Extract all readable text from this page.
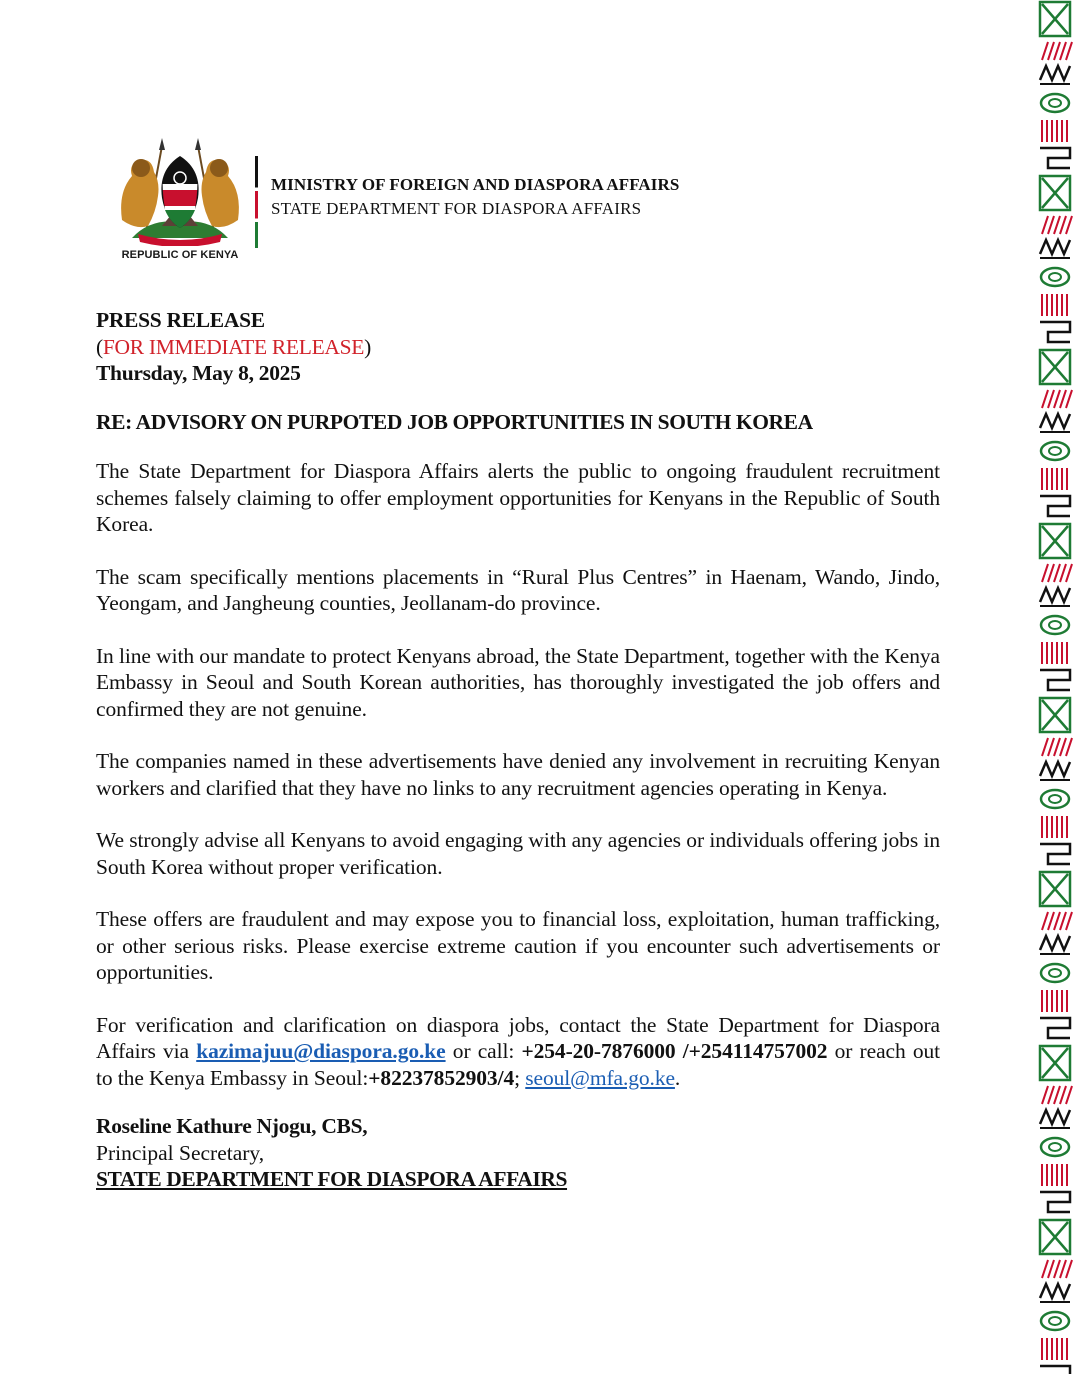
REPUBLIC OF KENYA
MINISTRY OF FOREIGN AND DIASPORA AFFAIRS
STATE DEPARTMENT FOR DIASPORA AFFAIRS
PRESS RELEASE
(FOR IMMEDIATE RELEASE)
Thursday, May 8, 2025
RE: ADVISORY ON PURPOTED JOB OPPORTUNITIES IN SOUTH KOREA
The State Department for Diaspora Affairs alerts the public to ongoing fraudulent recruitment schemes falsely claiming to offer employment opportunities for Kenyans in the Republic of South Korea.
The scam specifically mentions placements in “Rural Plus Centres” in Haenam, Wando, Jindo, Yeongam, and Jangheung counties, Jeollanam-do province.
In line with our mandate to protect Kenyans abroad, the State Department, together with the Kenya Embassy in Seoul and South Korean authorities, has thoroughly investigated the job offers and confirmed they are not genuine.
The companies named in these advertisements have denied any involvement in recruiting Kenyan workers and clarified that they have no links to any recruitment agencies operating in Kenya.
We strongly advise all Kenyans to avoid engaging with any agencies or individuals offering jobs in South Korea without proper verification.
These offers are fraudulent and may expose you to financial loss, exploitation, human trafficking, or other serious risks. Please exercise extreme caution if you encounter such advertisements or opportunities.
For verification and clarification on diaspora jobs, contact the State Department for Diaspora Affairs via kazimajuu@diaspora.go.ke or call: +254-20-7876000 /+254114757002 or reach out to the Kenya Embassy in Seoul:+82237852903/4; seoul@mfa.go.ke.
Roseline Kathure Njogu, CBS,
Principal Secretary,
STATE DEPARTMENT FOR DIASPORA AFFAIRS
